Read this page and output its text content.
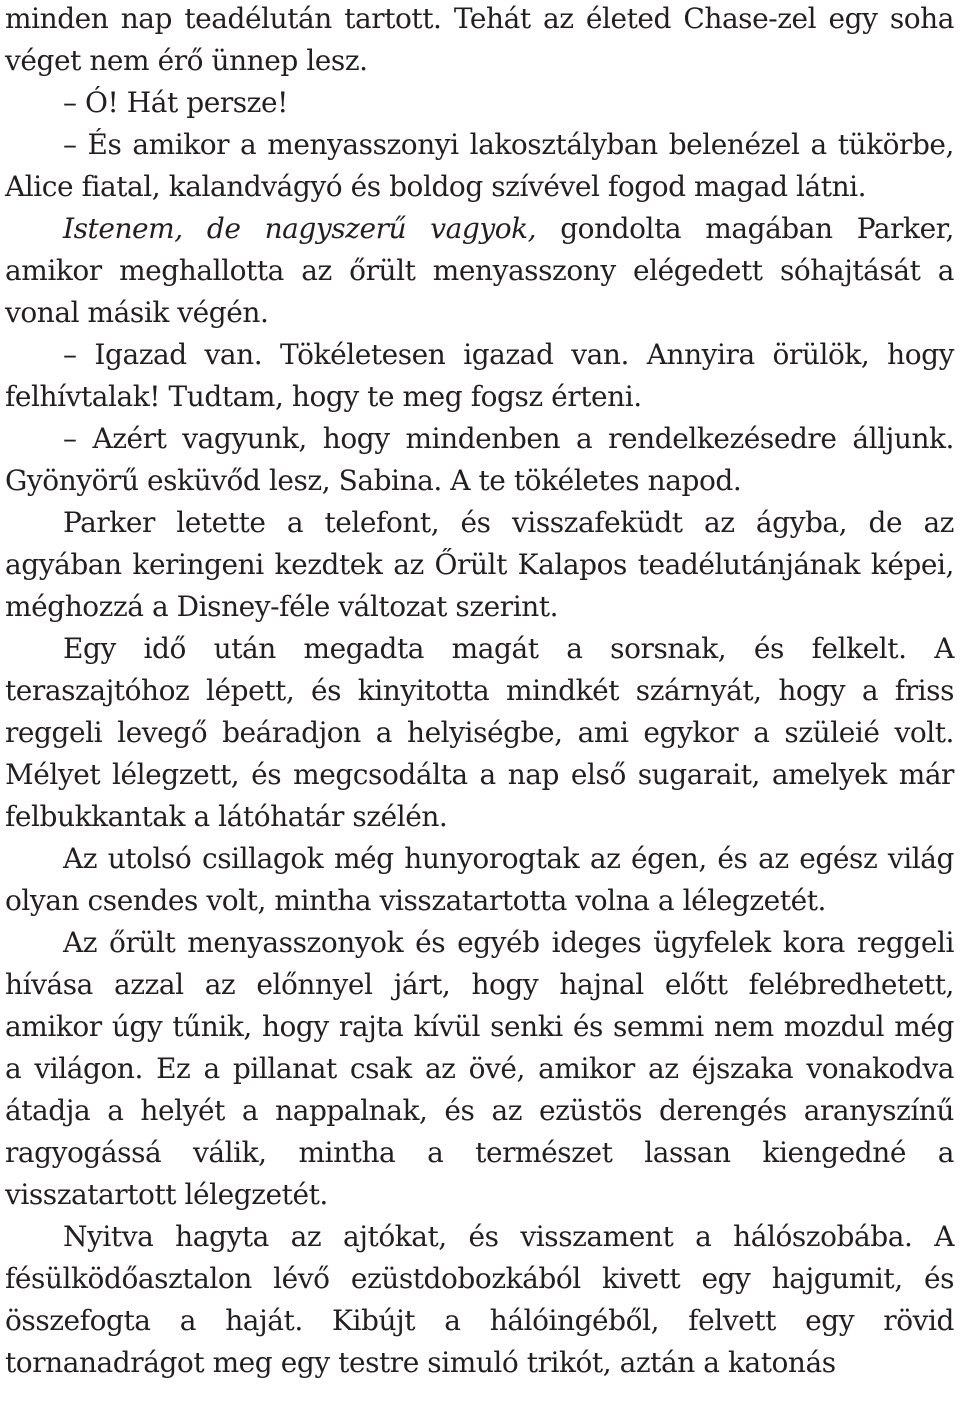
minden nap teadélután tartott. Tehát az életed Chase-zel egy soha véget nem érő ünnep lesz.

– Ó! Hát persze!

– És amikor a menyasszonyi lakosztályban belenézel a tükörbe, Alice fiatal, kalandvágyó és boldog szívével fogod magad látni.

Istenem, de nagyszerű vagyok, gondolta magában Parker, amikor meghallotta az őrült menyasszony elégedett sóhajtását a vonal másik végén.

– Igazad van. Tökéletesen igazad van. Annyira örülök, hogy felhívtalak! Tudtam, hogy te meg fogsz érteni.

– Azért vagyunk, hogy mindenben a rendelkezésedre álljunk. Gyönyörű esküvőd lesz, Sabina. A te tökéletes napod.

Parker letette a telefont, és visszafeküdt az ágyba, de az agyában keringeni kezdtek az Őrült Kalapos teadélutánjának képei, méghozzá a Disney-féle változat szerint.

Egy idő után megadta magát a sorsnak, és felkelt. A teraszajtóhoz lépett, és kinyitotta mindkét szárnyát, hogy a friss reggeli levegő beáradjon a helyiségbe, ami egykor a szüleié volt. Mélyet lélegzett, és megcsodálta a nap első sugarait, amelyek már felbukkantak a látóhatár szélén.

Az utolsó csillagok még hunyorogtak az égen, és az egész világ olyan csendes volt, mintha visszatartotta volna a lélegzetét.

Az őrült menyasszonyok és egyéb ideges ügyfelek kora reggeli hívása azzal az előnnyel járt, hogy hajnal előtt felébredhetett, amikor úgy tűnik, hogy rajta kívül senki és semmi nem mozdul még a világon. Ez a pillanat csak az övé, amikor az éjszaka vonakodva átadja a helyét a nappalnak, és az ezüstös derengés aranyszínű ragyogássá válik, mintha a természet lassan kiengedné a visszatartott lélegzetét.

Nyitva hagyta az ajtókat, és visszament a hálószobába. A fésülködőasztalon lévő ezüstdobozkából kivett egy hajgumit, és összefogta a haját. Kibújt a hálóingéből, felvett egy rövid tornanadrágot meg egy testre simuló trikót, aztán a katonás
